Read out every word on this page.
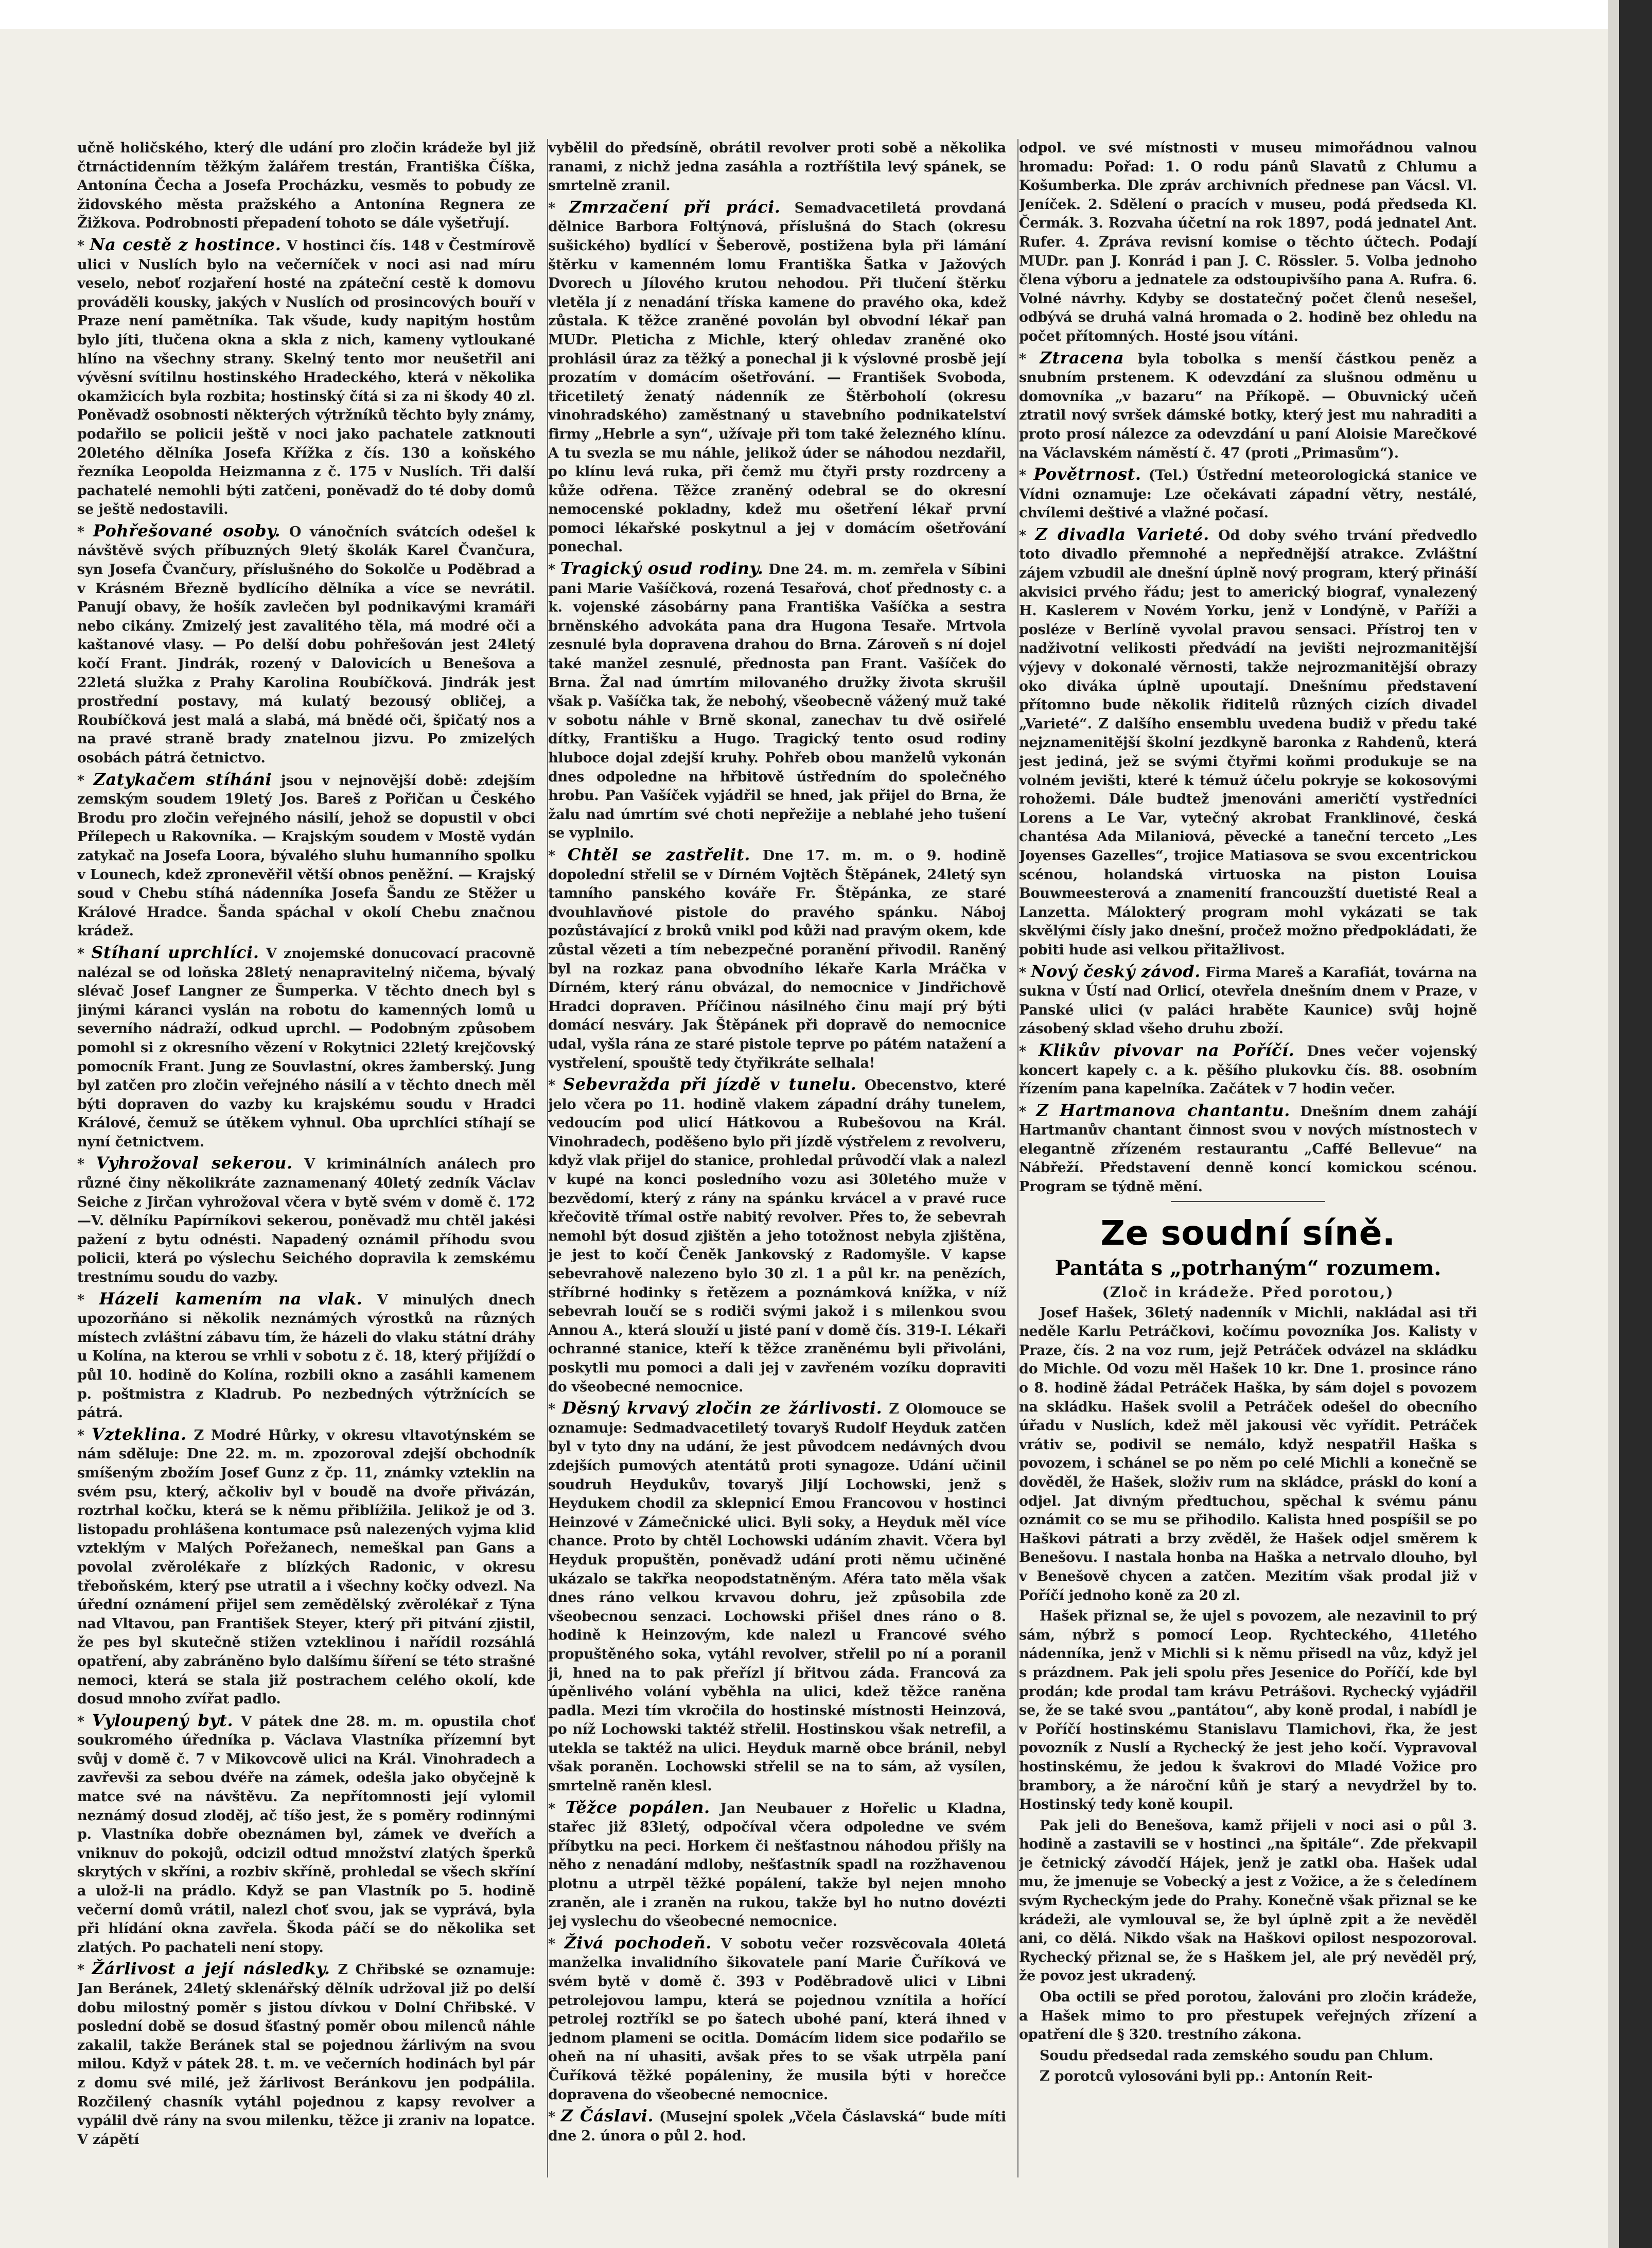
učně holičského, který dle udání pro zločin krádeže byl již čtrnáctidenním těžkým žalářem trestán, Františka Číška, Antonína Čecha a Josefa Procházku, vesměs to pobudy ze židovského města pražského a Antonína Regnera ze Žižkova. Podrobnosti přepadení tohoto se dále vyšetřují.

* Na cestě z hostince. V hostinci čís. 148 v Čestmírově ulici v Nuslích bylo na večerníček v noci asi nad míru veselo, neboť rozjaření hosté na zpáteční cestě k domovu prováděli kousky, jakých v Nuslích od prosincových bouří v Praze není pamětníka. Tak všude, kudy napitým hostům bylo jíti, tlučena okna a skla z nich, kameny vytloukané hlíno na všechny strany. Skelný tento mor neušetřil ani vývěsní svítilnu hostinského Hradeckého, která v několika okamžicích byla rozbita; hostinský čítá si za ni škody 40 zl. Poněvadž osobnosti některých výtržníků těchto byly známy, podařilo se policii ještě v noci jako pachatele zatknouti 20letého dělníka Josefa Křížka z čís. 130 a koňského řezníka Leopolda Heizmanna z č. 175 v Nuslích. Tři další pachatelé nemohli býti zatčeni, poněvadž do té doby domů se ještě nedostavili.

* Pohřešované osoby. O vánočních svátcích odešel k návštěvě svých příbuzných 9letý školák Karel Čvančura, syn Josefa Čvančury, příslušného do Sokolče u Poděbrad a v Krásném Březně bydlícího dělníka a více se nevrátil. Panují obavy, že hošík zavlečen byl podnikavými kramáři nebo cikány. Zmizelý jest zavalitého těla, má modré oči a kaštanové vlasy. — Po delší dobu pohřešován jest 24letý kočí Frant. Jindrák, rozený v Dalovicích u Benešova a 22letá služka z Prahy Karolina Roubíčková. Jindrák jest prostřední postavy, má kulatý bezousý obličej, a Roubíčková jest malá a slabá, má bnědé oči, špičatý nos a na pravé straně brady znatelnou jizvu. Po zmizelých osobách pátrá četnictvo.

* Zatykačem stíháni jsou v nejnovější době: zdejším zemským soudem 19letý Jos. Bareš z Pořičan u Českého Brodu pro zločin veřejného násilí, jehož se dopustil v obci Přílepech u Rakovníka. — Krajským soudem v Mostě vydán zatykač na Josefa Loora, bývalého sluhu humanního spolku v Lounech, kdež zpronevěřil větší obnos peněžní. — Krajský soud v Chebu stíhá nádenníka Josefa Šandu ze Stěžer u Králové Hradce. Šanda spáchal v okolí Chebu značnou krádež.

* Stíhaní uprchlíci. V znojemské donucovací pracovně nalézal se od loňska 28letý nenapravitelný ničema, bývalý slévač Josef Langner ze Šumperka. V těchto dnech byl s jinými káranci vyslán na robotu do kamenných lomů u severního nádraží, odkud uprchl. — Podobným způsobem pomohl si z okresního vězení v Rokytnici 22letý krejčovský pomocník Frant. Jung ze Souvlastní, okres žamberský. Jung byl zatčen pro zločin veřejného násilí a v těchto dnech měl býti dopraven do vazby ku krajskému soudu v Hradci Králové, čemuž se útěkem vyhnul. Oba uprchlíci stíhají se nyní četnictvem.

* Vyhrožoval sekerou. V kriminálních análech pro různé činy několikráte zaznamenaný 40letý zedník Václav Seiche z Jirčan vyhrožoval včera v bytě svém v domě č. 172—V. dělníku Papírníkovi sekerou, poněvadž mu chtěl jakési pažení z bytu odnésti. Napadený oznámil příhodu svou policii, která po výslechu Seichého dopravila k zemskému trestnímu soudu do vazby.

* Házeli kamením na vlak. V minulých dnech upozorňáno si několik neznámých výrostků na různých místech zvláštní zábavu tím, že házeli do vlaku státní dráhy u Kolína, na kterou se vrhli v sobotu z č. 18, který přijíždí o půl 10. hodině do Kolína, rozbili okno a zasáhli kamenem p. poštmistra z Kladrub. Po nezbedných výtržnících se pátrá.

* Vzteklina. Z Modré Hůrky, v okresu vltavotýnském se nám sděluje: Dne 22. m. m. zpozoroval zdejší obchodník smíšeným zbožím Josef Gunz z čp. 11, známky vzteklin na svém psu, který, ačkoliv byl v boudě na dvoře přivázán, roztrhal kočku, která se k němu přiblížila. Jelikož je od 3. listopadu prohlášena kontumace psů nalezených vyjma klid vzteklým v Malých Pořežanech, nemeškal pan Gans a povolal zvěrolékaře z blízkých Radonic, v okresu třeboňském, který pse utratil a i všechny kočky odvezl. Na úřední oznámení přijel sem zemědělský zvěrolékař z Týna nad Vltavou, pan František Steyer, který při pitvání zjistil, že pes byl skutečně stižen vzteklinou i nařídil rozsáhlá opatření, aby zabráněno bylo dalšímu šíření se této strašné nemoci, která se stala již postrachem celého okolí, kde dosud mnoho zvířat padlo.

* Vyloupený byt. V pátek dne 28. m. m. opustila choť soukromého úředníka p. Václava Vlastníka přízemní byt svůj v domě č. 7 v Mikovcově ulici na Král. Vinohradech a zavřevši za sebou dvéře na zámek, odešla jako obyčejně k matce své na návštěvu. Za nepřítomnosti její vylomil neznámý dosud zloděj, ač tíšo jest, že s poměry rodinnými p. Vlastníka dobře obeznámen byl, zámek ve dveřích a vniknuv do pokojů, odcizil odtud množství zlatých šperků skrytých v skříni, a rozbiv skříně, prohledal se všech skříní a ulož-li na prádlo. Když se pan Vlastník po 5. hodině večerní domů vrátil, nalezl choť svou, jak se vyprává, byla při hlídání okna zavřela. Škoda páčí se do několika set zlatých. Po pachateli není stopy.

* Žárlivost a její následky. Z Chřibské se oznamuje: Jan Beránek, 24letý sklenářský dělník udržoval již po delší dobu milostný poměr s jistou dívkou v Dolní Chřibské. V poslední době se dosud šťastný poměr obou milenců náhle zakalil, takže Beránek stal se pojednou žárlivým na svou milou. Když v pátek 28. t. m. ve večerních hodinách byl pár z domu své milé, jež žárlivost Beránkovu jen podpálila. Rozčilený chasník vytáhl pojednou z kapsy revolver a vypálil dvě rány na svou milenku, těžce ji zraniv na lopatce. V zápětí

vybělil do předsíně, obrátil revolver proti sobě a několika ranami, z nichž jedna zasáhla a roztříštila levý spánek, se smrtelně zranil.

* Zmrzačení při práci. Semadvacetiletá provdaná dělnice Barbora Foltýnová, příslušná do Stach (okresu sušického) bydlící v Šeberově, postižena byla při lámání štěrku v kamenném lomu Františka Šatka v Jažových Dvorech u Jílového krutou nehodou. Při tlučení štěrku vletěla jí z nenadání tříska kamene do pravého oka, kdež zůstala. K těžce zraněné povolán byl obvodní lékař pan MUDr. Pleticha z Michle, který ohledav zraněné oko prohlásil úraz za těžký a ponechal ji k výslovné prosbě její prozatím v domácím ošetřování. — František Svoboda, třicetiletý ženatý nádenník ze Štěrboholí (okresu vinohradského) zaměstnaný u stavebního podnikatelství firmy „Hebrle a syn“, užívaje při tom také železného klínu. A tu svezla se mu náhle, jelikož úder se náhodou nezdařil, po klínu levá ruka, při čemž mu čtyři prsty rozdrceny a kůže odřena. Těžce zraněný odebral se do okresní nemocenské pokladny, kdež mu ošetření lékař první pomoci lékařské poskytnul a jej v domácím ošetřování ponechal.

* Tragický osud rodiny. Dne 24. m. m. zemřela v Síbini pani Marie Vašíčková, rozená Tesařová, choť přednosty c. a k. vojenské zásobárny pana Františka Vašíčka a sestra brněnského advokáta pana dra Hugona Tesaře. Mrtvola zesnulé byla dopravena drahou do Brna. Zároveň s ní dojel také manžel zesnulé, přednosta pan Frant. Vašíček do Brna. Žal nad úmrtím milovaného družky života skrušil však p. Vašíčka tak, že nebohý, všeobecně vážený muž také v sobotu náhle v Brně skonal, zanechav tu dvě osiřelé dítky, Františku a Hugo. Tragický tento osud rodiny hluboce dojal zdejší kruhy. Pohřeb obou manželů vykonán dnes odpoledne na hřbitově ústředním do společného hrobu. Pan Vašíček vyjádřil se hned, jak přijel do Brna, že žalu nad úmrtím své choti nepřežije a neblahé jeho tušení se vyplnilo.

* Chtěl se zastřelit. Dne 17. m. m. o 9. hodině dopolední střelil se v Dírném Vojtěch Štěpánek, 24letý syn tamního panského kováře Fr. Štěpánka, ze staré dvouhlavňové pistole do pravého spánku. Náboj pozůstávající z broků vnikl pod kůži nad pravým okem, kde zůstal vězeti a tím nebezpečné poranění přivodil. Raněný byl na rozkaz pana obvodního lékaře Karla Mráčka v Dírném, který ránu obvázal, do nemocnice v Jindřichově Hradci dopraven. Příčinou násilného činu mají prý býti domácí nesváry. Jak Štěpánek při dopravě do nemocnice udal, vyšla rána ze staré pistole teprve po pátém natažení a vystřelení, spouště tedy čtyřikráte selhala!

* Sebevražda při jízdě v tunelu. Obecenstvo, které jelo včera po 11. hodině vlakem západní dráhy tunelem, vedoucím pod ulicí Hátkovou a Rubešovou na Král. Vinohradech, poděšeno bylo při jízdě výstřelem z revolveru, když vlak přijel do stanice, prohledal průvodčí vlak a nalezl v kupé na konci posledního vozu asi 30letého muže v bezvědomí, který z rány na spánku krvácel a v pravé ruce křečovitě třímal ostře nabitý revolver. Přes to, že sebevrah nemohl být dosud zjištěn a jeho totožnost nebyla zjištěna, je jest to kočí Čeněk Jankovský z Radomyšle. V kapse sebevrahově nalezeno bylo 30 zl. 1 a půl kr. na penězích, stříbrné hodinky s řetězem a poznámková knížka, v níž sebevrah loučí se s rodiči svými jakož i s milenkou svou Annou A., která slouží u jisté paní v domě čís. 319-I. Lékaři ochranné stanice, kteří k těžce zraněnému byli přivoláni, poskytli mu pomoci a dali jej v zavřeném vozíku dopraviti do všeobecné nemocnice.

* Děsný krvavý zločin ze žárlivosti. Z Olomouce se oznamuje: Sedmadvacetiletý tovaryš Rudolf Heyduk zatčen byl v tyto dny na udání, že jest původcem nedávných dvou zdejších pumových atentátů proti synagoze. Udání učinil soudruh Heydukův, tovaryš Jiljí Lochowski, jenž s Heydukem chodil za sklepnicí Emou Francovou v hostinci Heinzové v Zámečnické ulici. Byli soky, a Heyduk měl více chance. Proto by chtěl Lochowski udáním zhavit. Včera byl Heyduk propuštěn, poněvadž udání proti němu učiněné ukázalo se takřka neopodstatněným. Aféra tato měla však dnes ráno velkou krvavou dohru, jež způsobila zde všeobecnou senzaci. Lochowski přišel dnes ráno o 8. hodině k Heinzovým, kde nalezl u Francové svého propuštěného soka, vytáhl revolver, střelil po ní a poranil ji, hned na to pak přeřízl jí břitvou záda. Francová za úpěnlivého volání vyběhla na ulici, kdež těžce raněna padla. Mezi tím vkročila do hostinské místnosti Heinzová, po níž Lochowski taktéž střelil. Hostinskou však netrefil, a utekla se taktéž na ulici. Heyduk marně obce bránil, nebyl však poraněn. Lochowski střelil se na to sám, až vysílen, smrtelně raněn klesl.

* Těžce popálen. Jan Neubauer z Hořelic u Kladna, stařec již 83letý, odpočíval včera odpoledne ve svém příbytku na peci. Horkem či nešťastnou náhodou přišly na něho z nenadání mdloby, nešťastník spadl na rozžhavenou plotnu a utrpěl těžké popálení, takže byl nejen mnoho zraněn, ale i zraněn na rukou, takže byl ho nutno dovézti jej vyslechu do všeobecné nemocnice.

* Živá pochodeň. V sobotu večer rozsvěcovala 40letá manželka invalidního šikovatele paní Marie Čuříková ve svém bytě v domě č. 393 v Poděbradově ulici v Libni petrolejovou lampu, která se pojednou vznítila a hořící petrolej roztříkl se po šatech ubohé paní, která ihned v jednom plameni se ocitla. Domácím lidem sice podařilo se oheň na ní uhasiti, avšak přes to se však utrpěla paní Čuříková těžké popáleniny, že musila býti v horečce dopravena do všeobecné nemocnice.

* Z Čáslavi. (Musejní spolek „Včela Čáslavská“ bude míti dne 2. února o půl 2. hod.

odpol. ve své místnosti v museu mimořádnou valnou hromadu: Pořad: 1. O rodu pánů Slavatů z Chlumu a Košumberka. Dle zpráv archivních přednese pan Vácsl. Vl. Jeníček. 2. Sdělení o pracích v museu, podá předseda Kl. Čermák. 3. Rozvaha účetní na rok 1897, podá jednatel Ant. Rufer. 4. Zpráva revisní komise o těchto účtech. Podají MUDr. pan J. Konrád i pan J. C. Rössler. 5. Volba jednoho člena výboru a jednatele za odstoupivšího pana A. Rufra. 6. Volné návrhy. Kdyby se dostatečný počet členů nesešel, odbývá se druhá valná hromada o 2. hodině bez ohledu na počet přítomných. Hosté jsou vítáni.

* Ztracena byla tobolka s menší částkou peněz a snubním prstenem. K odevzdání za slušnou odměnu u domovníka „v bazaru“ na Příkopě. — Obuvnický učeň ztratil nový svršek dámské botky, který jest mu nahraditi a proto prosí nálezce za odevzdání u paní Aloisie Marečkové na Václavském náměstí č. 47 (proti „Primasům“).

* Povětrnost. (Tel.) Ústřední meteorologická stanice ve Vídni oznamuje: Lze očekávati západní větry, nestálé, chvílemi deštivé a vlažné počasí.

* Z divadla Varieté. Od doby svého trvání předvedlo toto divadlo přemnohé a nepřednější atrakce. Zvláštní zájem vzbudil ale dnešní úplně nový program, který přináší akvisici prvého řádu; jest to americký biograf, vynalezený H. Kaslerem v Novém Yorku, jenž v Londýně, v Paříži a posléze v Berlíně vyvolal pravou sensaci. Přístroj ten v nadživotní velikosti předvádí na jevišti nejrozmanitější výjevy v dokonalé věrnosti, takže nejrozmanitější obrazy oko diváka úplně upoutají. Dnešnímu představení přítomno bude několik řiditelů různých cizích divadel „Varieté“. Z dalšího ensemblu uvedena budiž v předu také nejznamenitější školní jezdkyně baronka z Rahdenů, která jest jediná, jež se svými čtyřmi koňmi produkuje se na volném jevišti, které k témuž účelu pokryje se kokosovými rohožemi. Dále budtež jmenováni američtí vystředníci Lorens a Le Var, vytečný akrobat Franklinové, česká chantésa Ada Milaniová, pěvecké a taneční terceto „Les Joyenses Gazelles“, trojice Matiasova se svou excentrickou scénou, holandská virtuoska na piston Louisa Bouwmeesterová a znamenití francouzští duetisté Real a Lanzetta. Málokterý program mohl vykázati se tak skvělými čísly jako dnešní, pročež možno předpokládati, že pobiti hude asi velkou přitažlivost.

* Nový český závod. Firma Mareš a Karafiát, továrna na sukna v Ústí nad Orlicí, otevřela dnešním dnem v Praze, v Panské ulici (v paláci hraběte Kaunice) svůj hojně zásobený sklad všeho druhu zboží.

* Klikův pivovar na Poříčí. Dnes večer vojenský koncert kapely c. a k. pěšího plukovku čís. 88. osobním řízením pana kapelníka. Začátek v 7 hodin večer.

* Z Hartmanova chantantu. Dnešním dnem zahájí Hartmanův chantant činnost svou v nových místnostech v elegantně zřízeném restaurantu „Caffé Bellevue“ na Nábřeží. Představení denně koncí komickou scénou. Program se týdně mění.

Ze soudní síně.
Pantáta s „potrhaným“ rozumem.
(Zloč in krádeže. Před porotou,)

Josef Hašek, 36letý nadenník v Michli, nakládal asi tři neděle Karlu Petráčkovi, kočímu povozníka Jos. Kalisty v Praze, čís. 2 na voz rum, jejž Petráček odvázel na skládku do Michle. Od vozu měl Hašek 10 kr. Dne 1. prosince ráno o 8. hodině žádal Petráček Haška, by sám dojel s povozem na skládku. Hašek svolil a Petráček odešel do obecního úřadu v Nuslích, kdež měl jakousi věc vyřídit. Petráček vrátiv se, podivil se nemálo, když nespatřil Haška s povozem, i schánel se po něm po celé Michli a konečně se dověděl, že Hašek, složiv rum na skládce, práskl do koní a odjel. Jat divným předtuchou, spěchal k svému pánu oznámit co se mu se přihodilo. Kalista hned pospíšil se po Haškovi pátrati a brzy zvěděl, že Hašek odjel směrem k Benešovu. I nastala honba na Haška a netrvalo dlouho, byl v Benešově chycen a zatčen. Mezitím však prodal již v Poříčí jednoho koně za 20 zl.

Hašek přiznal se, že ujel s povozem, ale nezavinil to prý sám, nýbrž s pomocí Leop. Rychteckého, 41letého nádenníka, jenž v Michli si k němu přisedl na vůz, když jel s prázdnem. Pak jeli spolu přes Jesenice do Poříčí, kde byl prodán; kde prodal tam krávu Petrášovi. Rychecký vyjádřil se, že se také svou „pantátou“, aby koně prodal, i nabídl je v Poříčí hostinskému Stanislavu Tlamichovi, řka, že jest povozník z Nuslí a Rychecký že jest jeho kočí. Vypravoval hostinskému, že jedou k švakrovi do Mladé Vožice pro brambory, a že nároční kůň je starý a nevydržel by to. Hostinský tedy koně koupil.

Pak jeli do Benešova, kamž přijeli v noci asi o půl 3. hodině a zastavili se v hostinci „na špitále“. Zde překvapil je četnický závodčí Hájek, jenž je zatkl oba. Hašek udal mu, že jmenuje se Vobecký a jest z Vožice, a že s čeledínem svým Rycheckým jede do Prahy. Konečně však přiznal se ke krádeži, ale vymlouval se, že byl úplně zpit a že nevěděl ani, co dělá. Nikdo však na Haškovi opilost nespozoroval. Rychecký přiznal se, že s Haškem jel, ale prý nevěděl prý, že povoz jest ukradený.

Oba octili se před porotou, žalováni pro zločin krádeže, a Hašek mimo to pro přestupek veřejných zřízení a opatření dle § 320. trestního zákona.

Soudu předsedal rada zemského soudu pan Chlum.

Z porotců vylosováni byli pp.: Antonín Reit-
